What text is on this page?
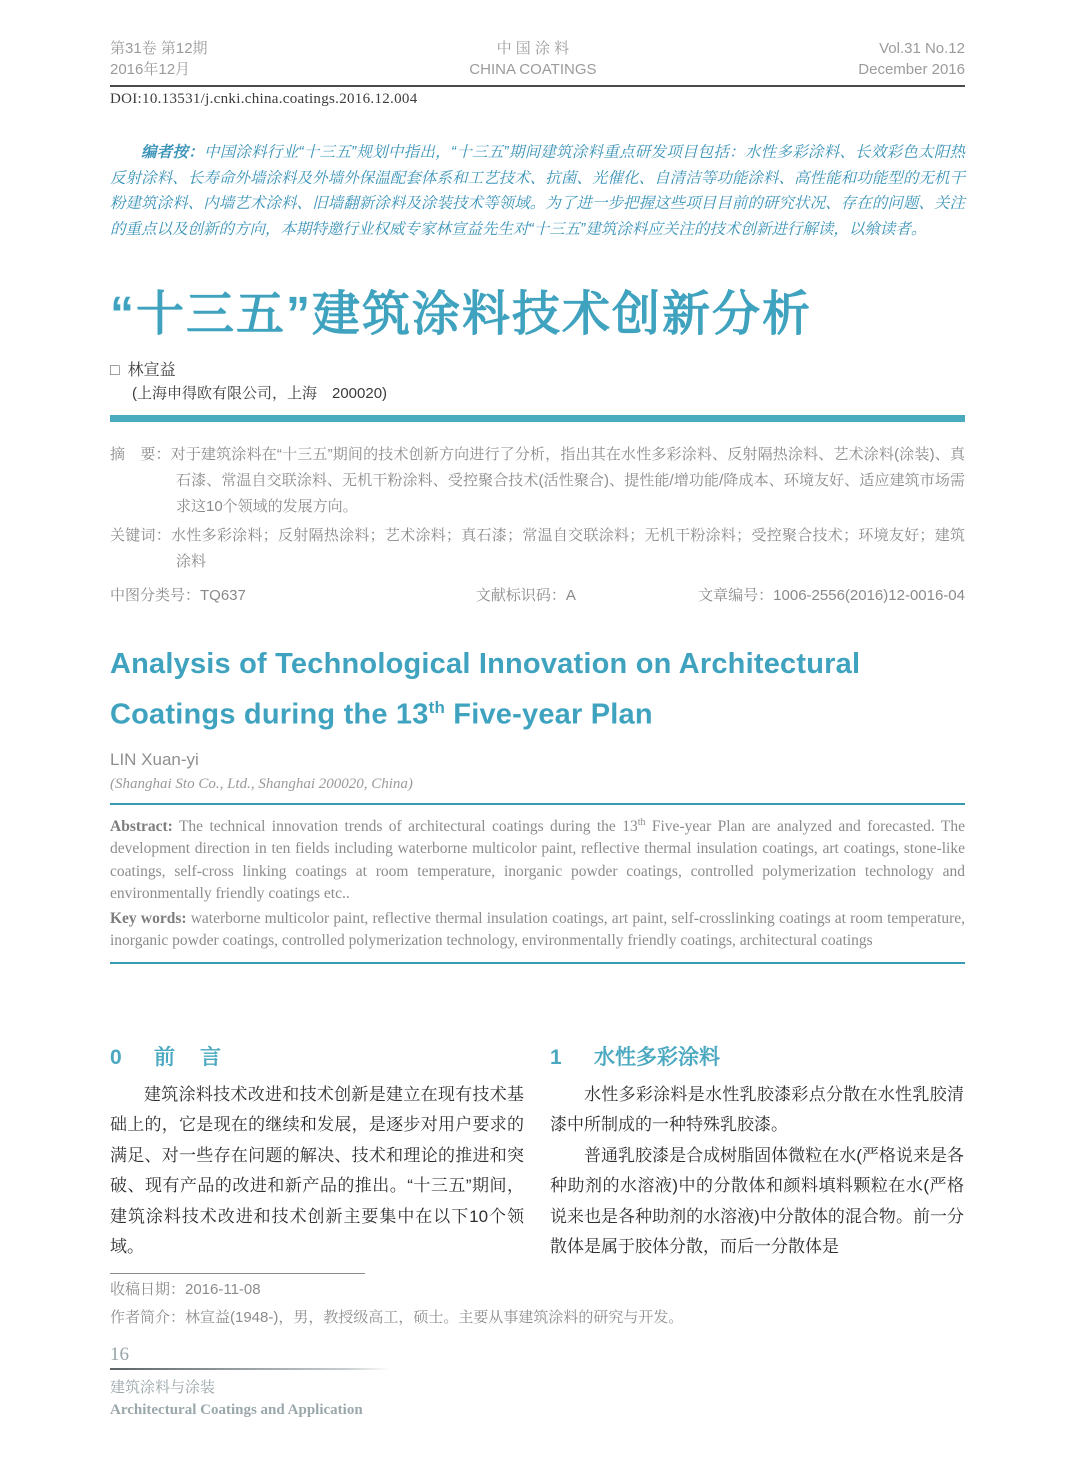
第31卷 第12期
2016年12月
中 国 涂 料
CHINA COATINGS
Vol.31 No.12
December 2016
DOI:10.13531/j.cnki.china.coatings.2016.12.004
编者按：中国涂料行业“十三五”规划中指出，“十三五”期间建筑涂料重点研发项目包括：水性多彩涂料、长效彩色太阳热反射涂料、长寿命外墙涂料及外墙外保温配套体系和工艺技术、抗菌、光催化、自清洁等功能涂料、高性能和功能型的无机干粉建筑涂料、内墙艺术涂料、旧墙翻新涂料及涂装技术等领域。为了进一步把握这些项目目前的研究状况、存在的问题、关注的重点以及创新的方向，本期特邀行业权威专家林宣益先生对“十三五”建筑涂料应关注的技术创新进行解读，以飨读者。
“十三五”建筑涂料技术创新分析
□ 林宣益
(上海申得欧有限公司，上海　200020)
摘　要：对于建筑涂料在“十三五”期间的技术创新方向进行了分析，指出其在水性多彩涂料、反射隔热涂料、艺术涂料(涂装)、真石漆、常温自交联涂料、无机干粉涂料、受控聚合技术(活性聚合)、提性能/增功能/降成本、环境友好、适应建筑市场需求这10个领域的发展方向。
关键词：水性多彩涂料；反射隔热涂料；艺术涂料；真石漆；常温自交联涂料；无机干粉涂料；受控聚合技术；环境友好；建筑涂料
中图分类号：TQ637	文献标识码：A	文章编号：1006-2556(2016)12-0016-04
Analysis of Technological Innovation on Architectural
Coatings during the 13th Five-year Plan
LIN Xuan-yi
(Shanghai Sto Co., Ltd., Shanghai 200020, China)
Abstract: The technical innovation trends of architectural coatings during the 13th Five-year Plan are analyzed and forecasted. The development direction in ten fields including waterborne multicolor paint, reflective thermal insulation coatings, art coatings, stone-like coatings, self-cross linking coatings at room temperature, inorganic powder coatings, controlled polymerization technology and environmentally friendly coatings etc..
Key words: waterborne multicolor paint, reflective thermal insulation coatings, art paint, self-crosslinking coatings at room temperature, inorganic powder coatings, controlled polymerization technology, environmentally friendly coatings, architectural coatings
0 前　言

建筑涂料技术改进和技术创新是建立在现有技术基础上的，它是现在的继续和发展，是逐步对用户要求的满足、对一些存在问题的解决、技术和理论的推进和突破、现有产品的改进和新产品的推出。“十三五”期间，建筑涂料技术改进和技术创新主要集中在以下10个领域。

1 水性多彩涂料

水性多彩涂料是水性乳胶漆彩点分散在水性乳胶清漆中所制成的一种特殊乳胶漆。

普通乳胶漆是合成树脂固体微粒在水(严格说来是各种助剂的水溶液)中的分散体和颜料填料颗粒在水(严格说来也是各种助剂的水溶液)中分散体的混合物。前一分散体是属于胶体分散，而后一分散体是

收稿日期：2016-11-08
作者简介：林宣益(1948-)，男，教授级高工，硕士。主要从事建筑涂料的研究与开发。
16
建筑涂料与涂装
Architectural Coatings and Application
